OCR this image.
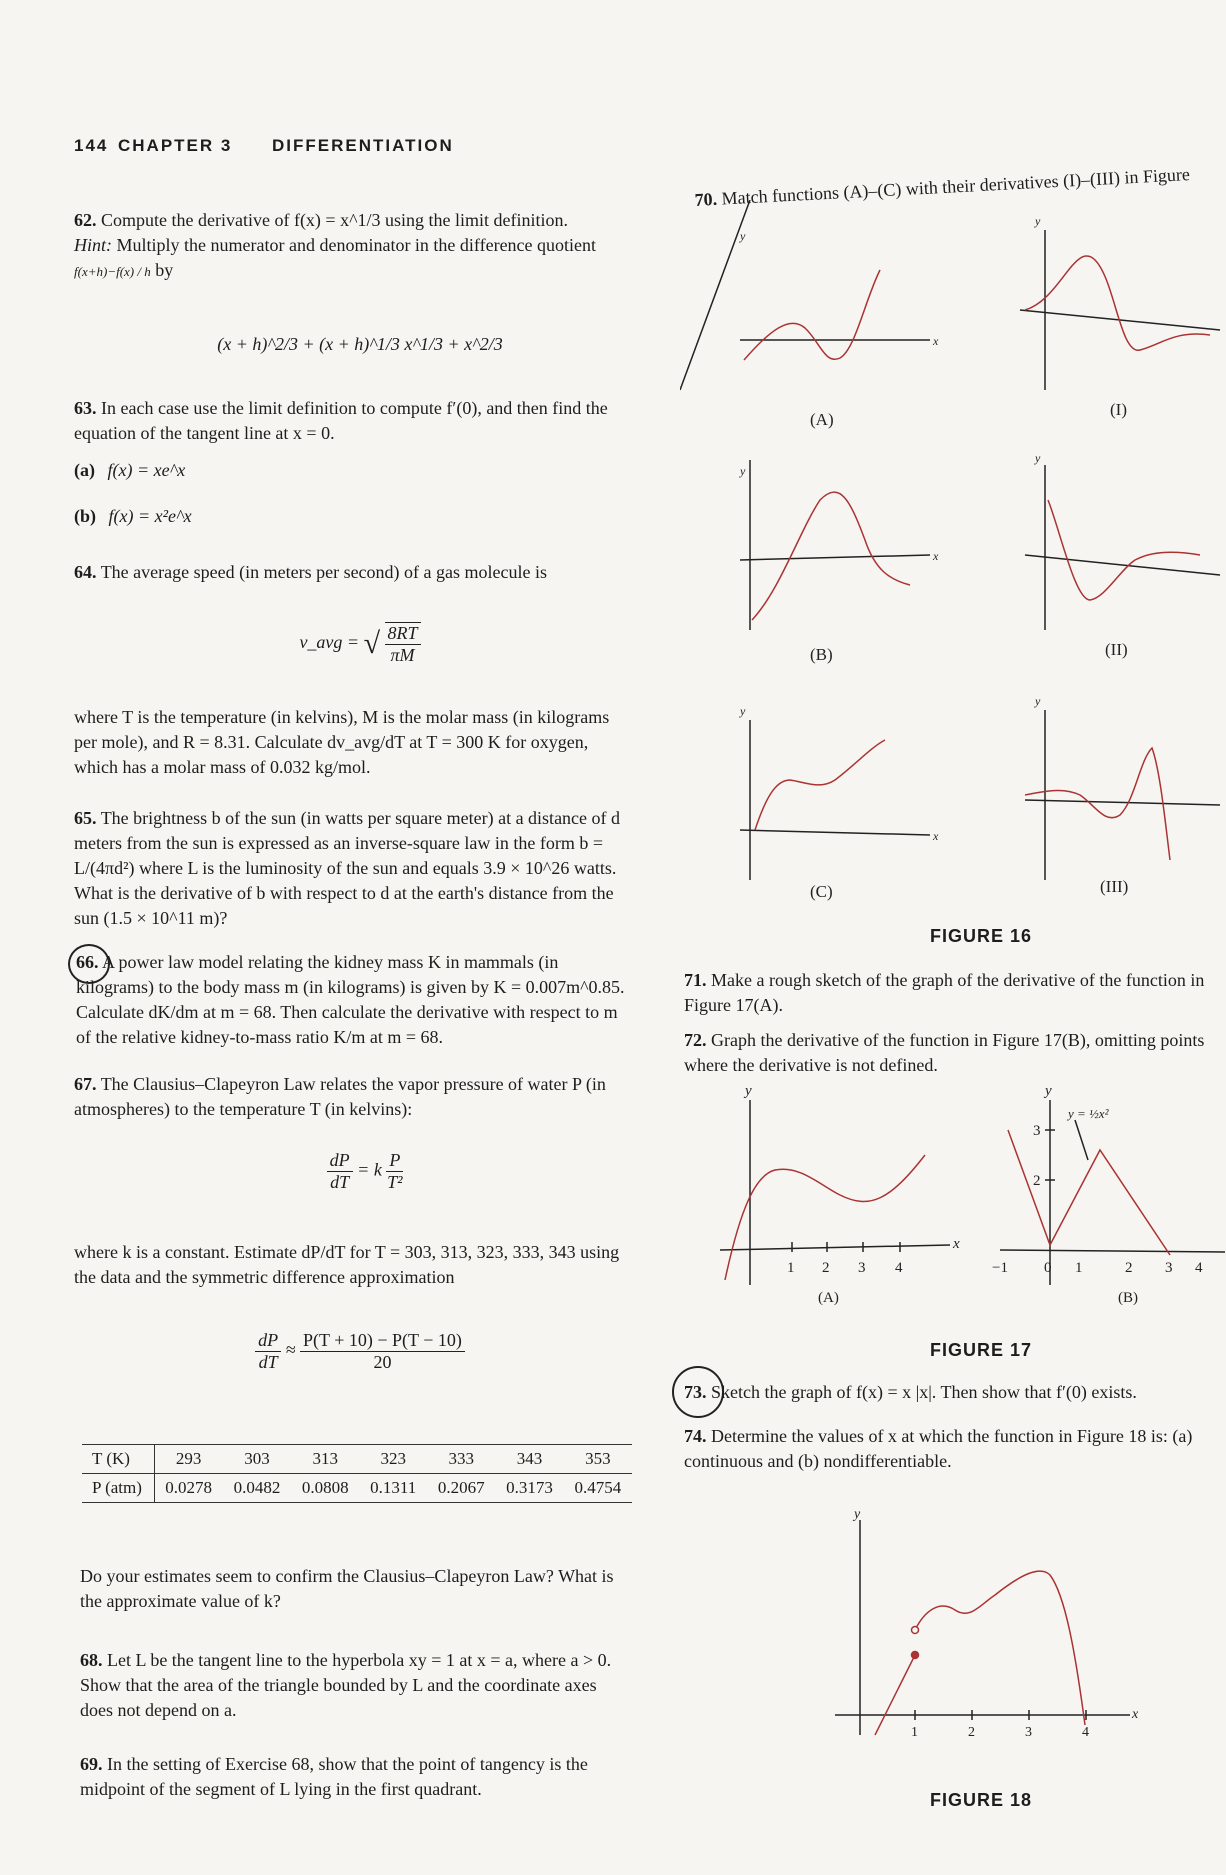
144 CHAPTER 3 DIFFERENTIATION
62. Compute the derivative of f(x) = x^1/3 using the limit definition.
Hint: Multiply the numerator and denominator in the difference quotient
f(x+h)−f(x) / h by
(x + h)^2/3 + (x + h)^1/3 x^1/3 + x^2/3
63. In each case use the limit definition to compute f′(0), and then find the equation of the tangent line at x = 0.
(a) f(x) = xe^x
(b) f(x) = x²e^x
64. The average speed (in meters per second) of a gas molecule is
v_avg = √ $\frac{8RT}{\pi M}$
where T is the temperature (in kelvins), M is the molar mass (in kilograms per mole), and R = 8.31. Calculate dv_avg/dT at T = 300 K for oxygen, which has a molar mass of 0.032 kg/mol.
65. The brightness b of the sun (in watts per square meter) at a distance of d meters from the sun is expressed as an inverse-square law in the form b = L/(4πd²) where L is the luminosity of the sun and equals 3.9 × 10^26 watts. What is the derivative of b with respect to d at the earth's distance from the sun (1.5 × 10^11 m)?
66. A power law model relating the kidney mass K in mammals (in kilograms) to the body mass m (in kilograms) is given by K = 0.007m^0.85. Calculate dK/dm at m = 68. Then calculate the derivative with respect to m of the relative kidney-to-mass ratio K/m at m = 68.
67. The Clausius–Clapeyron Law relates the vapor pressure of water P (in atmospheres) to the temperature T (in kelvins):
$\frac{dP}{dT} = k \frac{P}{\text{T²}}$
where k is a constant. Estimate dP/dT for T = 303, 313, 323, 333, 343 using the data and the symmetric difference approximation
$\frac{dP}{dT} \approx \frac{P(T + 10) - P(T - 10)}{20}$
T (K)	293	303	313	323	333	343	353
P (atm)	0.0278	0.0482	0.0808	0.1311	0.2067	0.3173	0.4754
Do your estimates seem to confirm the Clausius–Clapeyron Law? What is the approximate value of k?
68. Let L be the tangent line to the hyperbola xy = 1 at x = a, where a > 0. Show that the area of the triangle bounded by L and the coordinate axes does not depend on a.
69. In the setting of Exercise 68, show that the point of tangency is the midpoint of the segment of L lying in the first quadrant.
70. Match functions (A)–(C) with their derivatives (I)–(III) in Figure
y
x
y
y
x
y
y
x
y
(A)
(I)
(B)	(II)
(C)	(III)
FIGURE 16
71. Make a rough sketch of the graph of the derivative of the function in Figure 17(A).
72. Graph the derivative of the function in Figure 17(B), omitting points where the derivative is not defined.
y
x
1 2 3 4
(A)
y
3
2
y = ½x²
−1 0 1	2 3 4
(B)
FIGURE 17
73. Sketch the graph of f(x) = x |x|. Then show that f′(0) exists.
74. Determine the values of x at which the function in Figure 18 is: (a) continuous and (b) nondifferentiable.
y
x
1	2	3	4
FIGURE 18
